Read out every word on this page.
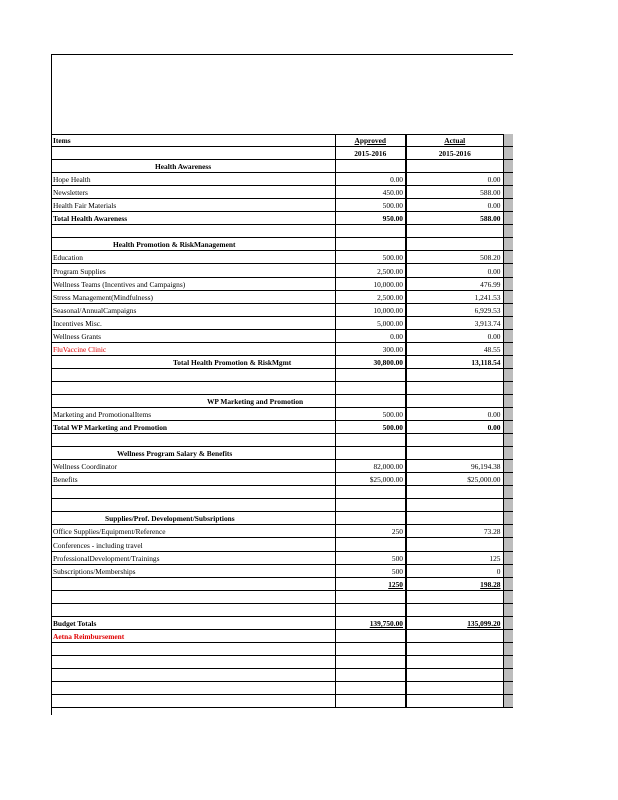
Items	Approved	Actual	
	2015-2016	2015-2016	
Health Awareness			
Hope Health	0.00	0.00	
Newsletters	450.00	588.00	
Health Fair Materials	500.00	0.00	
Total Health Awareness	950.00	588.00	

Health Promotion & RiskManagement			
Education	500.00	508.20	
Program Supplies	2,500.00	0.00	
Wellness Teams (Incentives and Campaigns)	10,000.00	476.99	
Stress Management(Mindfulness)	2,500.00	1,241.53	
Seasonal/AnnualCampaigns	10,000.00	6,929.53	
Incentives Misc.	5,000.00	3,913.74	
Wellness Grants	0.00	0.00	
FluVaccine Clinic	300.00	48.55	
Total Health Promotion & RiskMgmt	30,800.00	13,118.54	

WP Marketing and Promotion			
Marketing and PromotionalItems	500.00	0.00	
Total WP Marketing and Promotion	500.00	0.00	

Wellness Program Salary & Benefits			
Wellness Coordinator	82,000.00	96,194.38	
Benefits	$25,000.00	$25,000.00	

Supplies/Prof. Development/Subsriptions			
Office Supplies/Equipment/Reference	250	73.28	
Conferences - including travel			
ProfessionalDevelopment/Trainings	500	125	
Subscriptions/Memberships	500	0	
	1250	198.28	

Budget Totals	139,750.00	135,099.20	
Aetna Reimbursement			
